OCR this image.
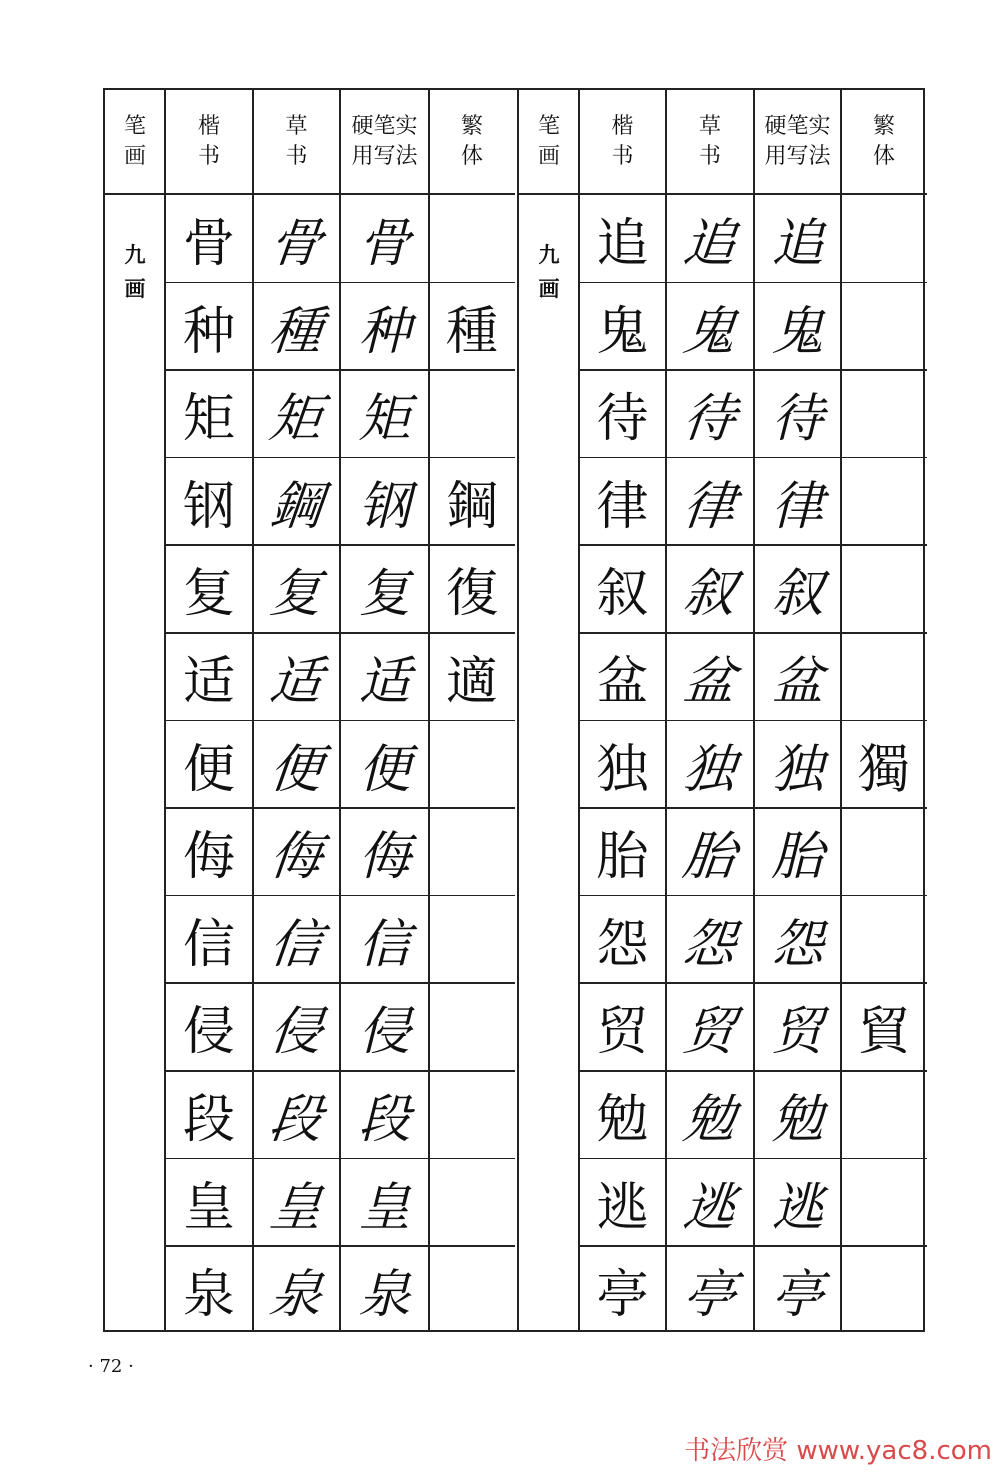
笔
画
楷
书
草
书
硬笔实
用写法
繁
体
九
画
骨 骨 骨
种 種 种 種
矩 矩 矩
钢 鋼 钢 鋼
复 复 复 復
适 适 适 適
便 便 便
侮 侮 侮
信 信 信
侵 侵 侵
段 段 段
皇 皇 皇
泉 泉 泉
笔
画
楷
书
草
书
硬笔实
用写法
繁
体
九
画
追 追 追
鬼 鬼 鬼
待 待 待
律 律 律
叙 叙 叙
盆 盆 盆
独 独 独 獨
胎 胎 胎
怨 怨 怨
贸 贸 贸 貿
勉 勉 勉
逃 逃 逃
亭 亭 亭
· 72 ·
书法欣赏 www.yac8.com
